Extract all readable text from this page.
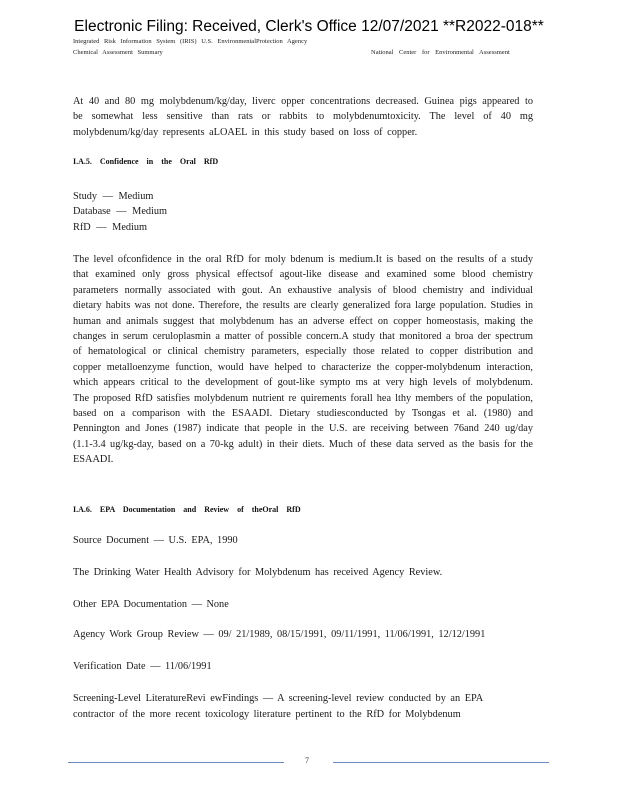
Electronic Filing: Received, Clerk's Office 12/07/2021 **R2022-018**
Integrated Risk Information System (IRIS) U.S. EnvironmentalProtection Agency
Chemical Assessment Summary	National Center for Environmental Assessment

At 40 and 80 mg molybdenum/kg/day, liverc opper concentrations decreased. Guinea pigs appeared to be somewhat less sensitive than rats or rabbits to molybdenumtoxicity. The level of 40 mg molybdenum/kg/day represents aLOAEL in this study based on loss of copper.

I.A.5. Confidence in the Oral RfD
Study — Medium
Database — Medium
RfD — Medium

The level ofconfidence in the oral RfD for moly bdenum is medium.It is based on the results of a study that examined only gross physical effectsof agout-like disease and examined some blood chemistry parameters normally associated with gout. An exhaustive analysis of blood chemistry and individual dietary habits was not done. Therefore, the results are clearly generalized fora large population. Studies in human and animals suggest that molybdenum has an adverse effect on copper homeostasis, making the changes in serum ceruloplasmin a matter of possible concern.A study that monitored a broa der spectrum of hematological or clinical chemistry parameters, especially those related to copper distribution and copper metalloenzyme function, would have helped to characterize the copper-molybdenum interaction, which appears critical to the development of gout-like sympto ms at very high levels of molybdenum. The proposed RfD satisfies molybdenum nutrient re quirements forall hea lthy members of the population, based on a comparison with the ESAADI. Dietary studiesconducted by Tsongas et al. (1980) and Pennington and Jones (1987) indicate that people in the U.S. are receiving between 76and 240 ug/day (1.1-3.4 ug/kg-day, based on a 70-kg adult) in their diets. Much of these data served as the basis for the ESAADI.

I.A.6. EPA Documentation and Review of theOral RfD
Source Document — U.S. EPA, 1990
The Drinking Water Health Advisory for Molybdenum has received Agency Review.
Other EPA Documentation — None
Agency Work Group Review — 09/ 21/1989, 08/15/1991, 09/11/1991, 11/06/1991, 12/12/1991
Verification Date — 11/06/1991
Screening-Level LiteratureRevi ewFindings — A screening-level review conducted by an EPA
contractor of the more recent toxicology literature pertinent to the RfD for Molybdenum
7
